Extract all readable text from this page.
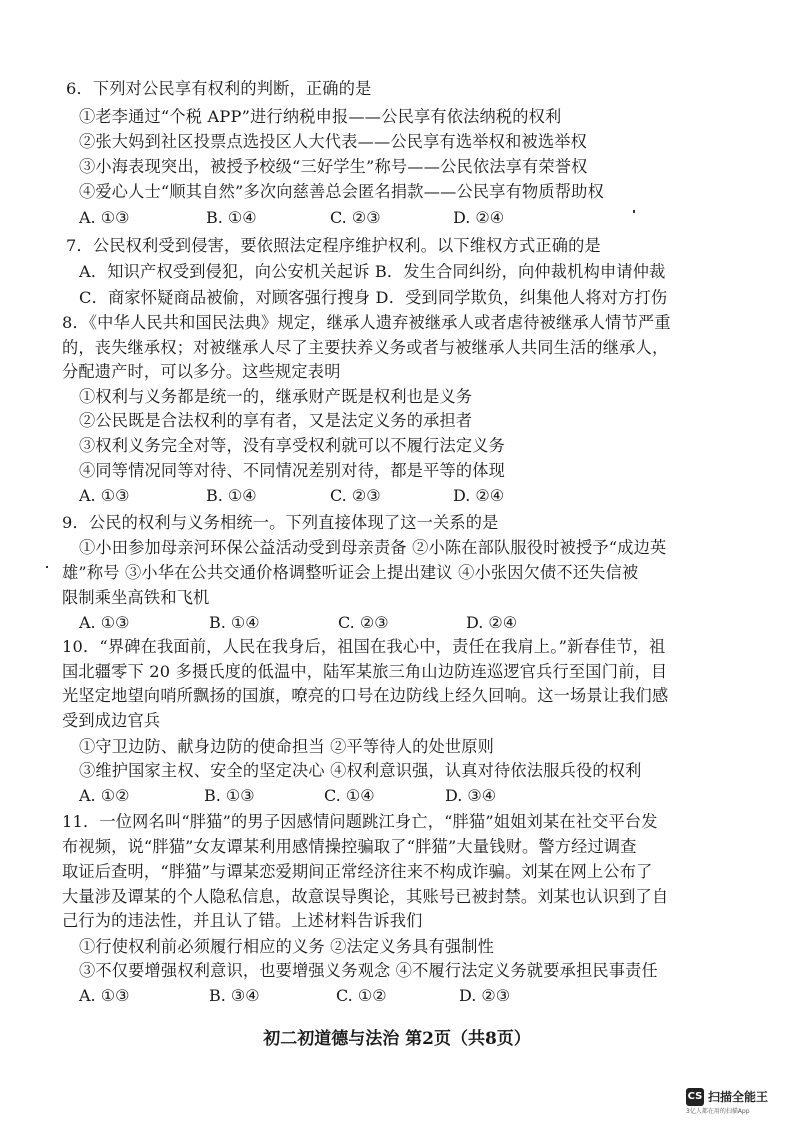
6．下列对公民享有权利的判断，正确的是
①老李通过“个税 APP”进行纳税申报——公民享有依法纳税的权利
②张大妈到社区投票点选投区人大代表——公民享有选举权和被选举权
③小海表现突出，被授予校级“三好学生”称号——公民依法享有荣誉权
④爱心人士“顺其自然”多次向慈善总会匿名捐款——公民享有物质帮助权
A. ①③	B. ①④	C. ②③	D. ②④
7．公民权利受到侵害，要依照法定程序维护权利。以下维权方式正确的是
A．知识产权受到侵犯，向公安机关起诉 B．发生合同纠纷，向仲裁机构申请仲裁
C．商家怀疑商品被偷，对顾客强行搜身 D．受到同学欺负，纠集他人将对方打伤
8．《中华人民共和国民法典》规定，继承人遗弃被继承人或者虐待被继承人情节严重
的，丧失继承权；对被继承人尽了主要扶养义务或者与被继承人共同生活的继承人，
分配遗产时，可以多分。这些规定表明
①权利与义务都是统一的，继承财产既是权利也是义务
②公民既是合法权利的享有者，又是法定义务的承担者
③权利义务完全对等，没有享受权利就可以不履行法定义务
④同等情况同等对待、不同情况差别对待，都是平等的体现
A. ①③	B. ①④	C. ②③	D. ②④
9．公民的权利与义务相统一。下列直接体现了这一关系的是
①小田参加母亲河环保公益活动受到母亲责备 ②小陈在部队服役时被授予“成边英
雄”称号 ③小华在公共交通价格调整听证会上提出建议 ④小张因欠债不还失信被
限制乘坐高铁和飞机
A. ①③	B. ①④	C. ②③	D. ②④
10．“界碑在我面前，人民在我身后，祖国在我心中，责任在我肩上。”新春佳节，祖
国北疆零下 20 多摄氏度的低温中，陆军某旅三角山边防连巡逻官兵行至国门前，目
光坚定地望向哨所飘扬的国旗，嘹亮的口号在边防线上经久回响。这一场景让我们感
受到成边官兵
①守卫边防、献身边防的使命担当 ②平等待人的处世原则
③维护国家主权、安全的坚定决心 ④权利意识强，认真对待依法服兵役的权利
A. ①②	B. ①③	C. ①④	D. ③④
11．一位网名叫“胖猫”的男子因感情问题跳江身亡，“胖猫”姐姐刘某在社交平台发
布视频，说“胖猫”女友谭某利用感情操控骗取了“胖猫”大量钱财。警方经过调查
取证后查明，“胖猫”与谭某恋爱期间正常经济往来不构成诈骗。刘某在网上公布了
大量涉及谭某的个人隐私信息，故意误导舆论，其账号已被封禁。刘某也认识到了自
己行为的违法性，并且认了错。上述材料告诉我们
①行使权利前必须履行相应的义务 ②法定义务具有强制性
③不仅要增强权利意识，也要增强义务观念 ④不履行法定义务就要承担民事责任
A. ①③	B. ③④	C. ①②	D. ②③
初二初道德与法治 第2页（共8页）
CS 扫描全能王
3亿人都在用的扫描App
